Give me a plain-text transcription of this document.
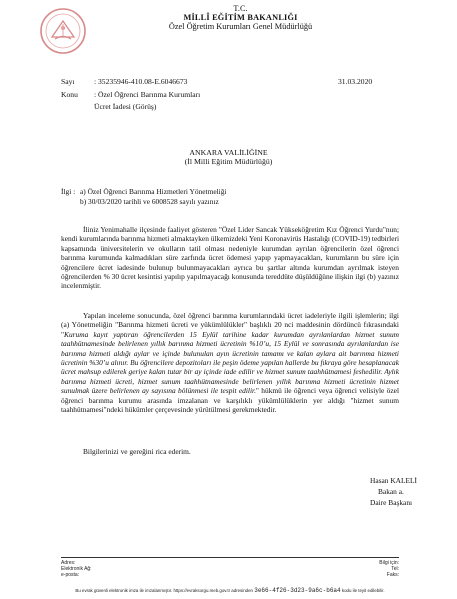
T.C.
MİLLÎ EĞİTİM BAKANLIĞI
Özel Öğretim Kurumları Genel Müdürlüğü
Sayı	: 35235946-410.08-E.6046673	31.03.2020
Konu : Özel Öğrenci Barınma Kurumları
Ücret İadesi (Görüş)
ANKARA VALİLİĞİNE
(İl Milli Eğitim Müdürlüğü)
İlgi : a) Özel Öğrenci Barınma Hizmetleri Yönetmeliği
b) 30/03/2020 tarihli ve 6008528 sayılı yazınız

İliniz Yenimahalle ilçesinde faaliyet gösteren "Özel Lider Sancak Yükseköğretim Kız Öğrenci Yurdu"nun; kendi kurumlarında barınma hizmeti almaktayken ülkemizdeki Yeni Koronavirüs Hastalığı (COVID-19) tedbirleri kapsamında üniversitelerin ve okulların tatil olması nedeniyle kurumdan ayrılan öğrencilerin özel öğrenci barınma kurumunda kalmadıkları süre zarfında ücret ödemesi yapıp yapmayacakları, kurumların bu süre için öğrencilere ücret iadesinde bulunup bulunmayacakları ayrıca bu şartlar altında kurumdan ayrılmak isteyen öğrencilerden % 30 ücret kesintisi yapılıp yapılmayacağı konusunda tereddüte düşüldüğüne ilişkin ilgi (b) yazınız incelenmiştir.

Yapılan inceleme sonucunda, özel öğrenci barınma kurumlarındaki ücret iadeleriyle ilgili işlemlerin; ilgi (a) Yönetmeliğin "Barınma hizmeti ücreti ve yükümlülükler" başlıklı 20 nci maddesinin dördüncü fıkrasındaki "Kuruma kayıt yaptıran öğrencilerden 15 Eylül tarihine kadar kurumdan ayrılanlardan hizmet sunum taahhütnamesinde belirlenen yıllık barınma hizmeti ücretinin %10’u, 15 Eylül ve sonrasında ayrılanlardan ise barınma hizmeti aldığı aylar ve içinde bulunulan ayın ücretinin tamamı ve kalan aylara ait barınma hizmeti ücretinin %30’u alınır. Bu öğrencilere depozitoları ile peşin ödeme yapılan hallerde bu fıkraya göre hesaplanacak ücret mahsup edilerek geriye kalan tutar bir ay içinde iade edilir ve hizmet sunum taahhütnamesi feshedilir. Aylık barınma hizmeti ücreti, hizmet sunum taahhütnamesinde belirlenen yıllık barınma hizmeti ücretinin hizmet sunulmak üzere belirlenen ay sayısına bölünmesi ile tespit edilir." hükmü ile öğrenci veya öğrenci velisiyle özel öğrenci barınma kurumu arasında imzalanan ve karşılıklı yükümlülüklerin yer aldığı "hizmet sunum taahhütnamesi"ndeki hükümler çerçevesinde yürütülmesi gerekmektedir.

Bilgilerinizi ve gereğini rica ederim.
Hasan KALELİ
Bakan a.
Daire Başkanı
Adres:
Elektronik Ağ:
e-posta:
Bilgi için:
Tel:
Faks:
Bu evrak güvenli elektronik imza ile imzalanmıştır. https://evraksorgu.meb.gov.tr adresinden 3e66-4f26-3d23-9a6c-b6a4 kodu ile teyit edilebilir.
